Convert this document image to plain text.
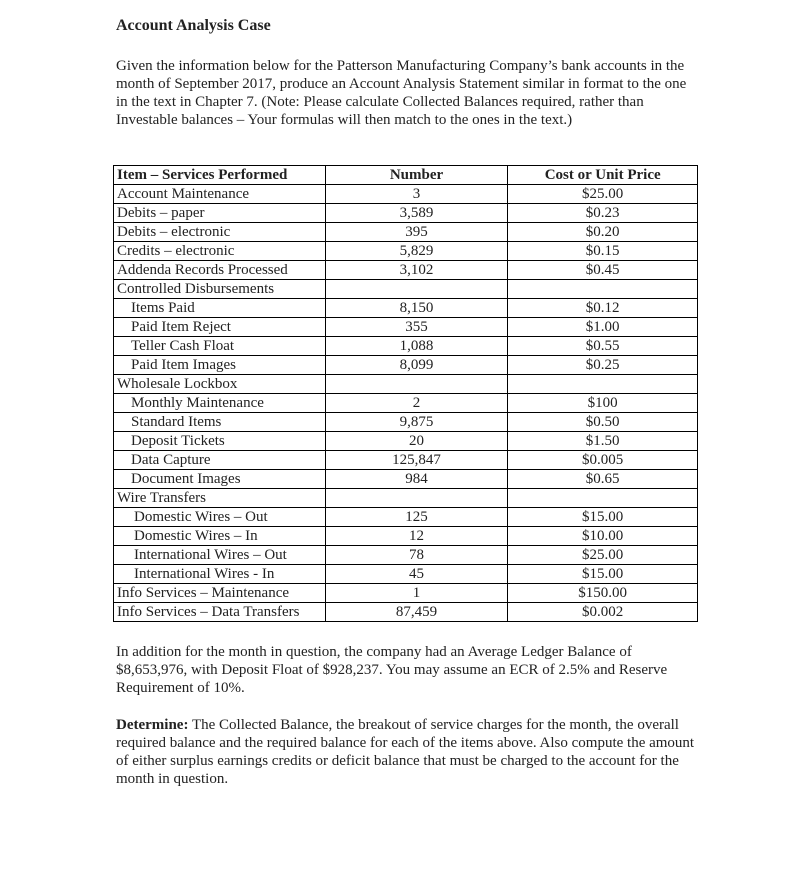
Account Analysis Case

Given the information below for the Patterson Manufacturing Company’s bank accounts in the month of September 2017, produce an Account Analysis Statement similar in format to the one in the text in Chapter 7. (Note: Please calculate Collected Balances required, rather than Investable balances – Your formulas will then match to the ones in the text.)

Item – Services Performed	Number	Cost or Unit Price
Account Maintenance	3	$25.00
Debits – paper	3,589	$0.23
Debits – electronic	395	$0.20
Credits – electronic	5,829	$0.15
Addenda Records Processed	3,102	$0.45
Controlled Disbursements		
Items Paid	8,150	$0.12
Paid Item Reject	355	$1.00
Teller Cash Float	1,088	$0.55
Paid Item Images	8,099	$0.25
Wholesale Lockbox		
Monthly Maintenance	2	$100
Standard Items	9,875	$0.50
Deposit Tickets	20	$1.50
Data Capture	125,847	$0.005
Document Images	984	$0.65
Wire Transfers		
Domestic Wires – Out	125	$15.00
Domestic Wires – In	12	$10.00
International Wires – Out	78	$25.00
International Wires - In	45	$15.00
Info Services – Maintenance	1	$150.00
Info Services – Data Transfers	87,459	$0.002

In addition for the month in question, the company had an Average Ledger Balance of $8,653,976, with Deposit Float of $928,237. You may assume an ECR of 2.5% and Reserve Requirement of 10%.

Determine: The Collected Balance, the breakout of service charges for the month, the overall required balance and the required balance for each of the items above. Also compute the amount of either surplus earnings credits or deficit balance that must be charged to the account for the month in question.
